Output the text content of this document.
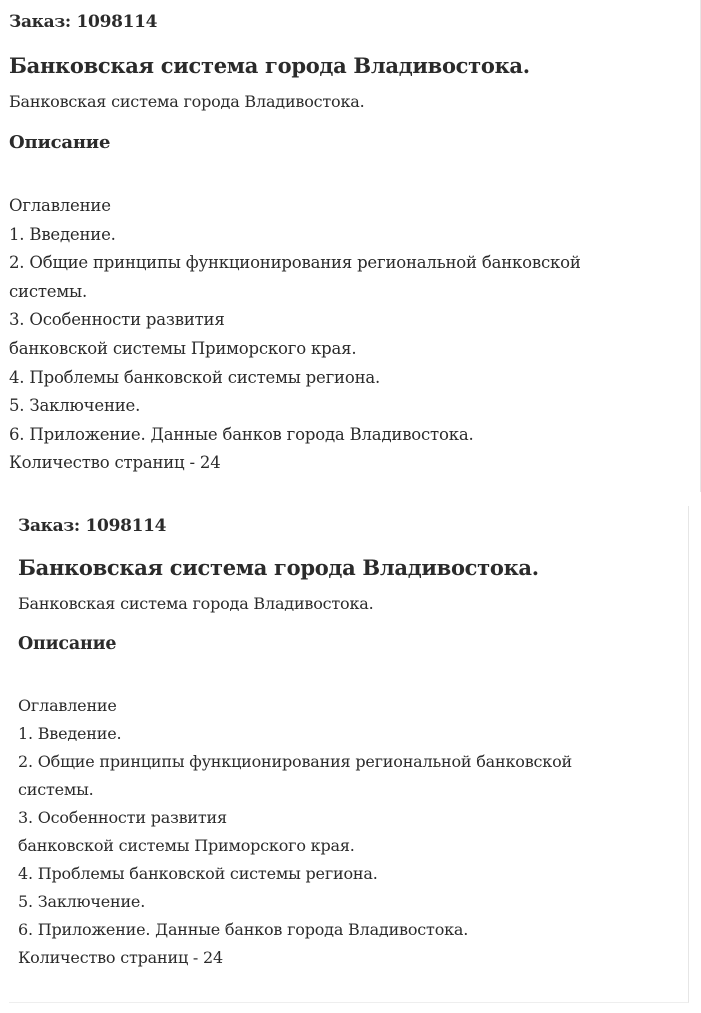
Заказ: 1098114
Банковская система города Владивостока.
Банковская система города Владивостока.
Описание
Оглавление
1. Введение.
2. Общие принципы функционирования региональной банковской
системы.
3. Особенности развития
банковской системы Приморского края.
4. Проблемы банковской системы региона.
5. Заключение.
6. Приложение. Данные банков города Владивостока.
Количество страниц - 24
Заказ: 1098114
Банковская система города Владивостока.
Банковская система города Владивостока.
Описание
Оглавление
1. Введение.
2. Общие принципы функционирования региональной банковской
системы.
3. Особенности развития
банковской системы Приморского края.
4. Проблемы банковской системы региона.
5. Заключение.
6. Приложение. Данные банков города Владивостока.
Количество страниц - 24
